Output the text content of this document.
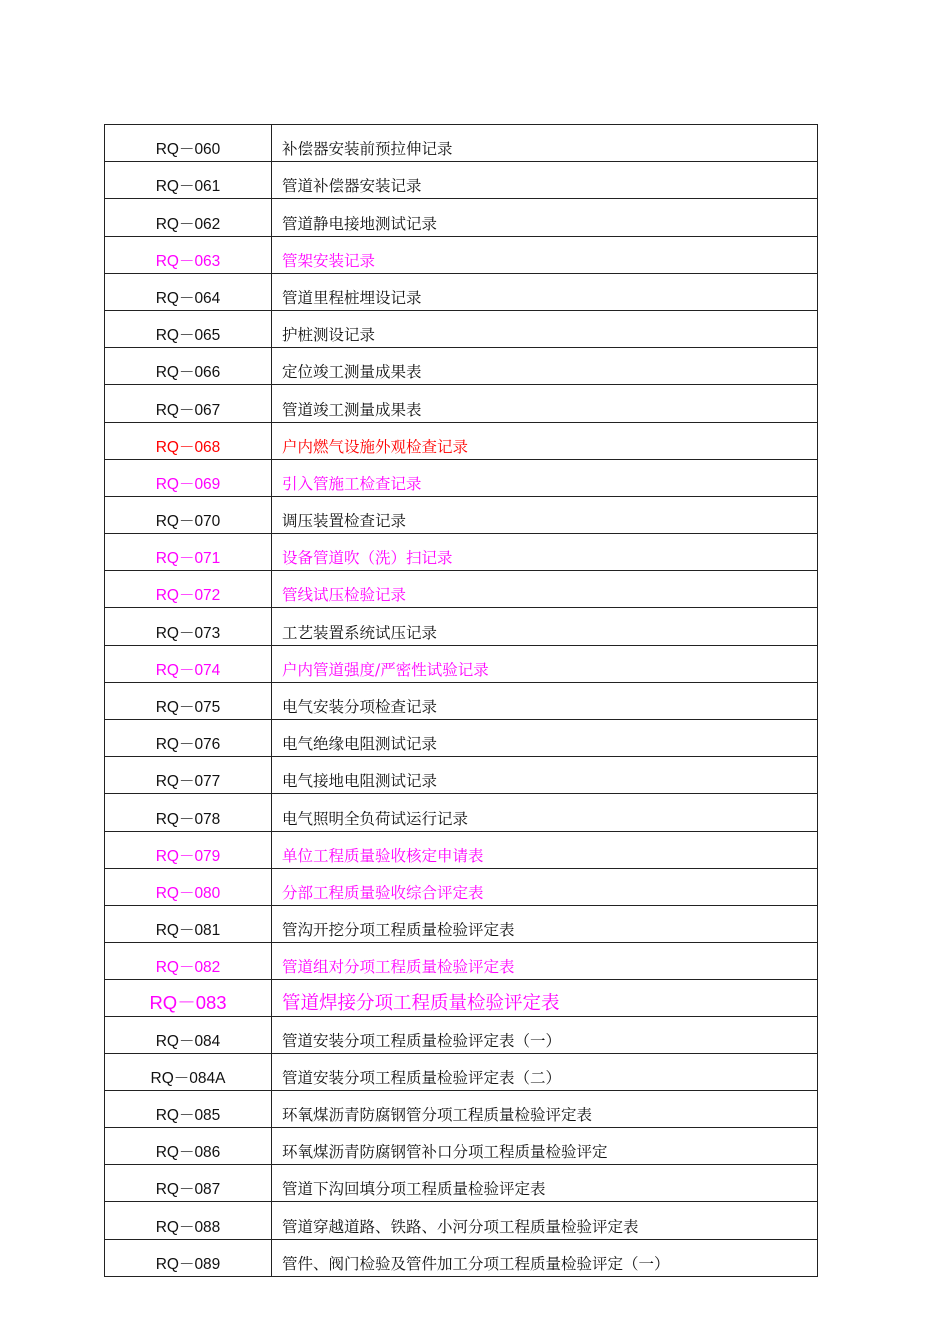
RQ－060	补偿器安装前预拉伸记录
RQ－061	管道补偿器安装记录
RQ－062	管道静电接地测试记录
RQ－063	管架安装记录
RQ－064	管道里程桩埋设记录
RQ－065	护桩测设记录
RQ－066	定位竣工测量成果表
RQ－067	管道竣工测量成果表
RQ－068	户内燃气设施外观检查记录
RQ－069	引入管施工检查记录
RQ－070	调压装置检查记录
RQ－071	设备管道吹（洗）扫记录
RQ－072	管线试压检验记录
RQ－073	工艺装置系统试压记录
RQ－074	户内管道强度/严密性试验记录
RQ－075	电气安装分项检查记录
RQ－076	电气绝缘电阻测试记录
RQ－077	电气接地电阻测试记录
RQ－078	电气照明全负荷试运行记录
RQ－079	单位工程质量验收核定申请表
RQ－080	分部工程质量验收综合评定表
RQ－081	管沟开挖分项工程质量检验评定表
RQ－082	管道组对分项工程质量检验评定表
RQ－083	管道焊接分项工程质量检验评定表
RQ－084	管道安装分项工程质量检验评定表（一）
RQ－084A	管道安装分项工程质量检验评定表（二）
RQ－085	环氧煤沥青防腐钢管分项工程质量检验评定表
RQ－086	环氧煤沥青防腐钢管补口分项工程质量检验评定
RQ－087	管道下沟回填分项工程质量检验评定表
RQ－088	管道穿越道路、铁路、小河分项工程质量检验评定表
RQ－089	管件、阀门检验及管件加工分项工程质量检验评定（一）
